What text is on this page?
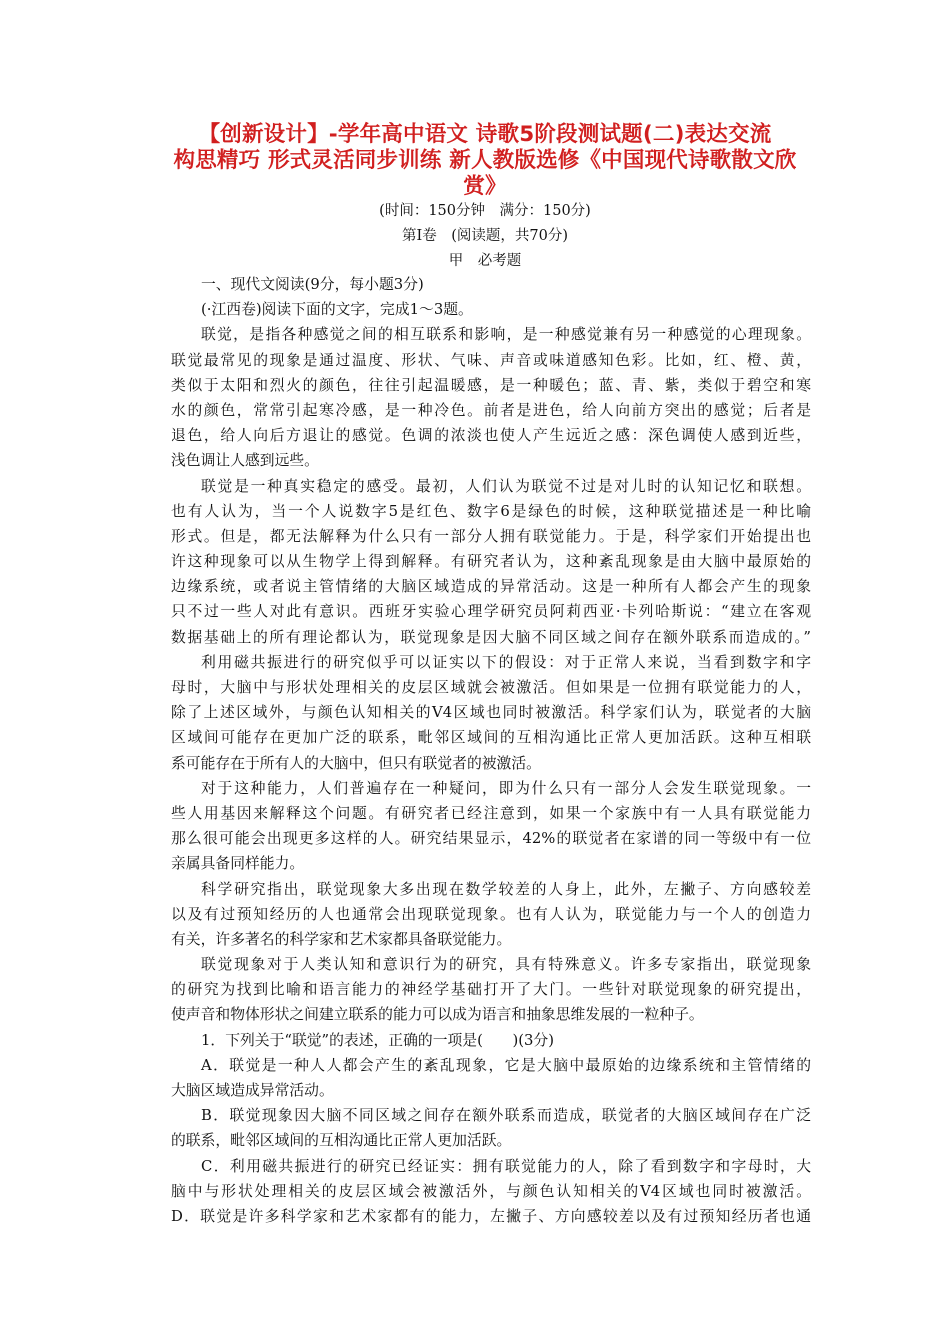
【创新设计】-学年高中语文 诗歌5阶段测试题(二)表达交流
构思精巧 形式灵活同步训练 新人教版选修《中国现代诗歌散文欣
赏》
(时间：150分钟　满分：150分)
第Ⅰ卷　(阅读题，共70分)
甲　必考题
一、现代文阅读(9分，每小题3分)
(·江西卷)阅读下面的文字，完成1～3题。
联觉，是指各种感觉之间的相互联系和影响，是一种感觉兼有另一种感觉的心理现象。
联觉最常见的现象是通过温度、形状、气味、声音或味道感知色彩。比如，红、橙、黄，
类似于太阳和烈火的颜色，往往引起温暖感，是一种暖色；蓝、青、紫，类似于碧空和寒
水的颜色，常常引起寒冷感，是一种冷色。前者是进色，给人向前方突出的感觉；后者是
退色，给人向后方退让的感觉。色调的浓淡也使人产生远近之感：深色调使人感到近些，
浅色调让人感到远些。
联觉是一种真实稳定的感受。最初，人们认为联觉不过是对儿时的认知记忆和联想。
也有人认为，当一个人说数字5是红色、数字6是绿色的时候，这种联觉描述是一种比喻
形式。但是，都无法解释为什么只有一部分人拥有联觉能力。于是，科学家们开始提出也
许这种现象可以从生物学上得到解释。有研究者认为，这种紊乱现象是由大脑中最原始的
边缘系统，或者说主管情绪的大脑区域造成的异常活动。这是一种所有人都会产生的现象
只不过一些人对此有意识。西班牙实验心理学研究员阿莉西亚·卡列哈斯说：“建立在客观
数据基础上的所有理论都认为，联觉现象是因大脑不同区域之间存在额外联系而造成的。”
利用磁共振进行的研究似乎可以证实以下的假设：对于正常人来说，当看到数字和字
母时，大脑中与形状处理相关的皮层区域就会被激活。但如果是一位拥有联觉能力的人，
除了上述区域外，与颜色认知相关的V4区域也同时被激活。科学家们认为，联觉者的大脑
区域间可能存在更加广泛的联系，毗邻区域间的互相沟通比正常人更加活跃。这种互相联
系可能存在于所有人的大脑中，但只有联觉者的被激活。
对于这种能力，人们普遍存在一种疑问，即为什么只有一部分人会发生联觉现象。一
些人用基因来解释这个问题。有研究者已经注意到，如果一个家族中有一人具有联觉能力
那么很可能会出现更多这样的人。研究结果显示，42%的联觉者在家谱的同一等级中有一位
亲属具备同样能力。
科学研究指出，联觉现象大多出现在数学较差的人身上，此外，左撇子、方向感较差
以及有过预知经历的人也通常会出现联觉现象。也有人认为，联觉能力与一个人的创造力
有关，许多著名的科学家和艺术家都具备联觉能力。
联觉现象对于人类认知和意识行为的研究，具有特殊意义。许多专家指出，联觉现象
的研究为找到比喻和语言能力的神经学基础打开了大门。一些针对联觉现象的研究提出，
使声音和物体形状之间建立联系的能力可以成为语言和抽象思维发展的一粒种子。
1．下列关于“联觉”的表述，正确的一项是(　　)(3分)
A．联觉是一种人人都会产生的紊乱现象，它是大脑中最原始的边缘系统和主管情绪的
大脑区域造成异常活动。
B．联觉现象因大脑不同区域之间存在额外联系而造成，联觉者的大脑区域间存在广泛
的联系，毗邻区域间的互相沟通比正常人更加活跃。
C．利用磁共振进行的研究已经证实：拥有联觉能力的人，除了看到数字和字母时，大
脑中与形状处理相关的皮层区域会被激活外，与颜色认知相关的V4区域也同时被激活。
D．联觉是许多科学家和艺术家都有的能力，左撇子、方向感较差以及有过预知经历者也通
